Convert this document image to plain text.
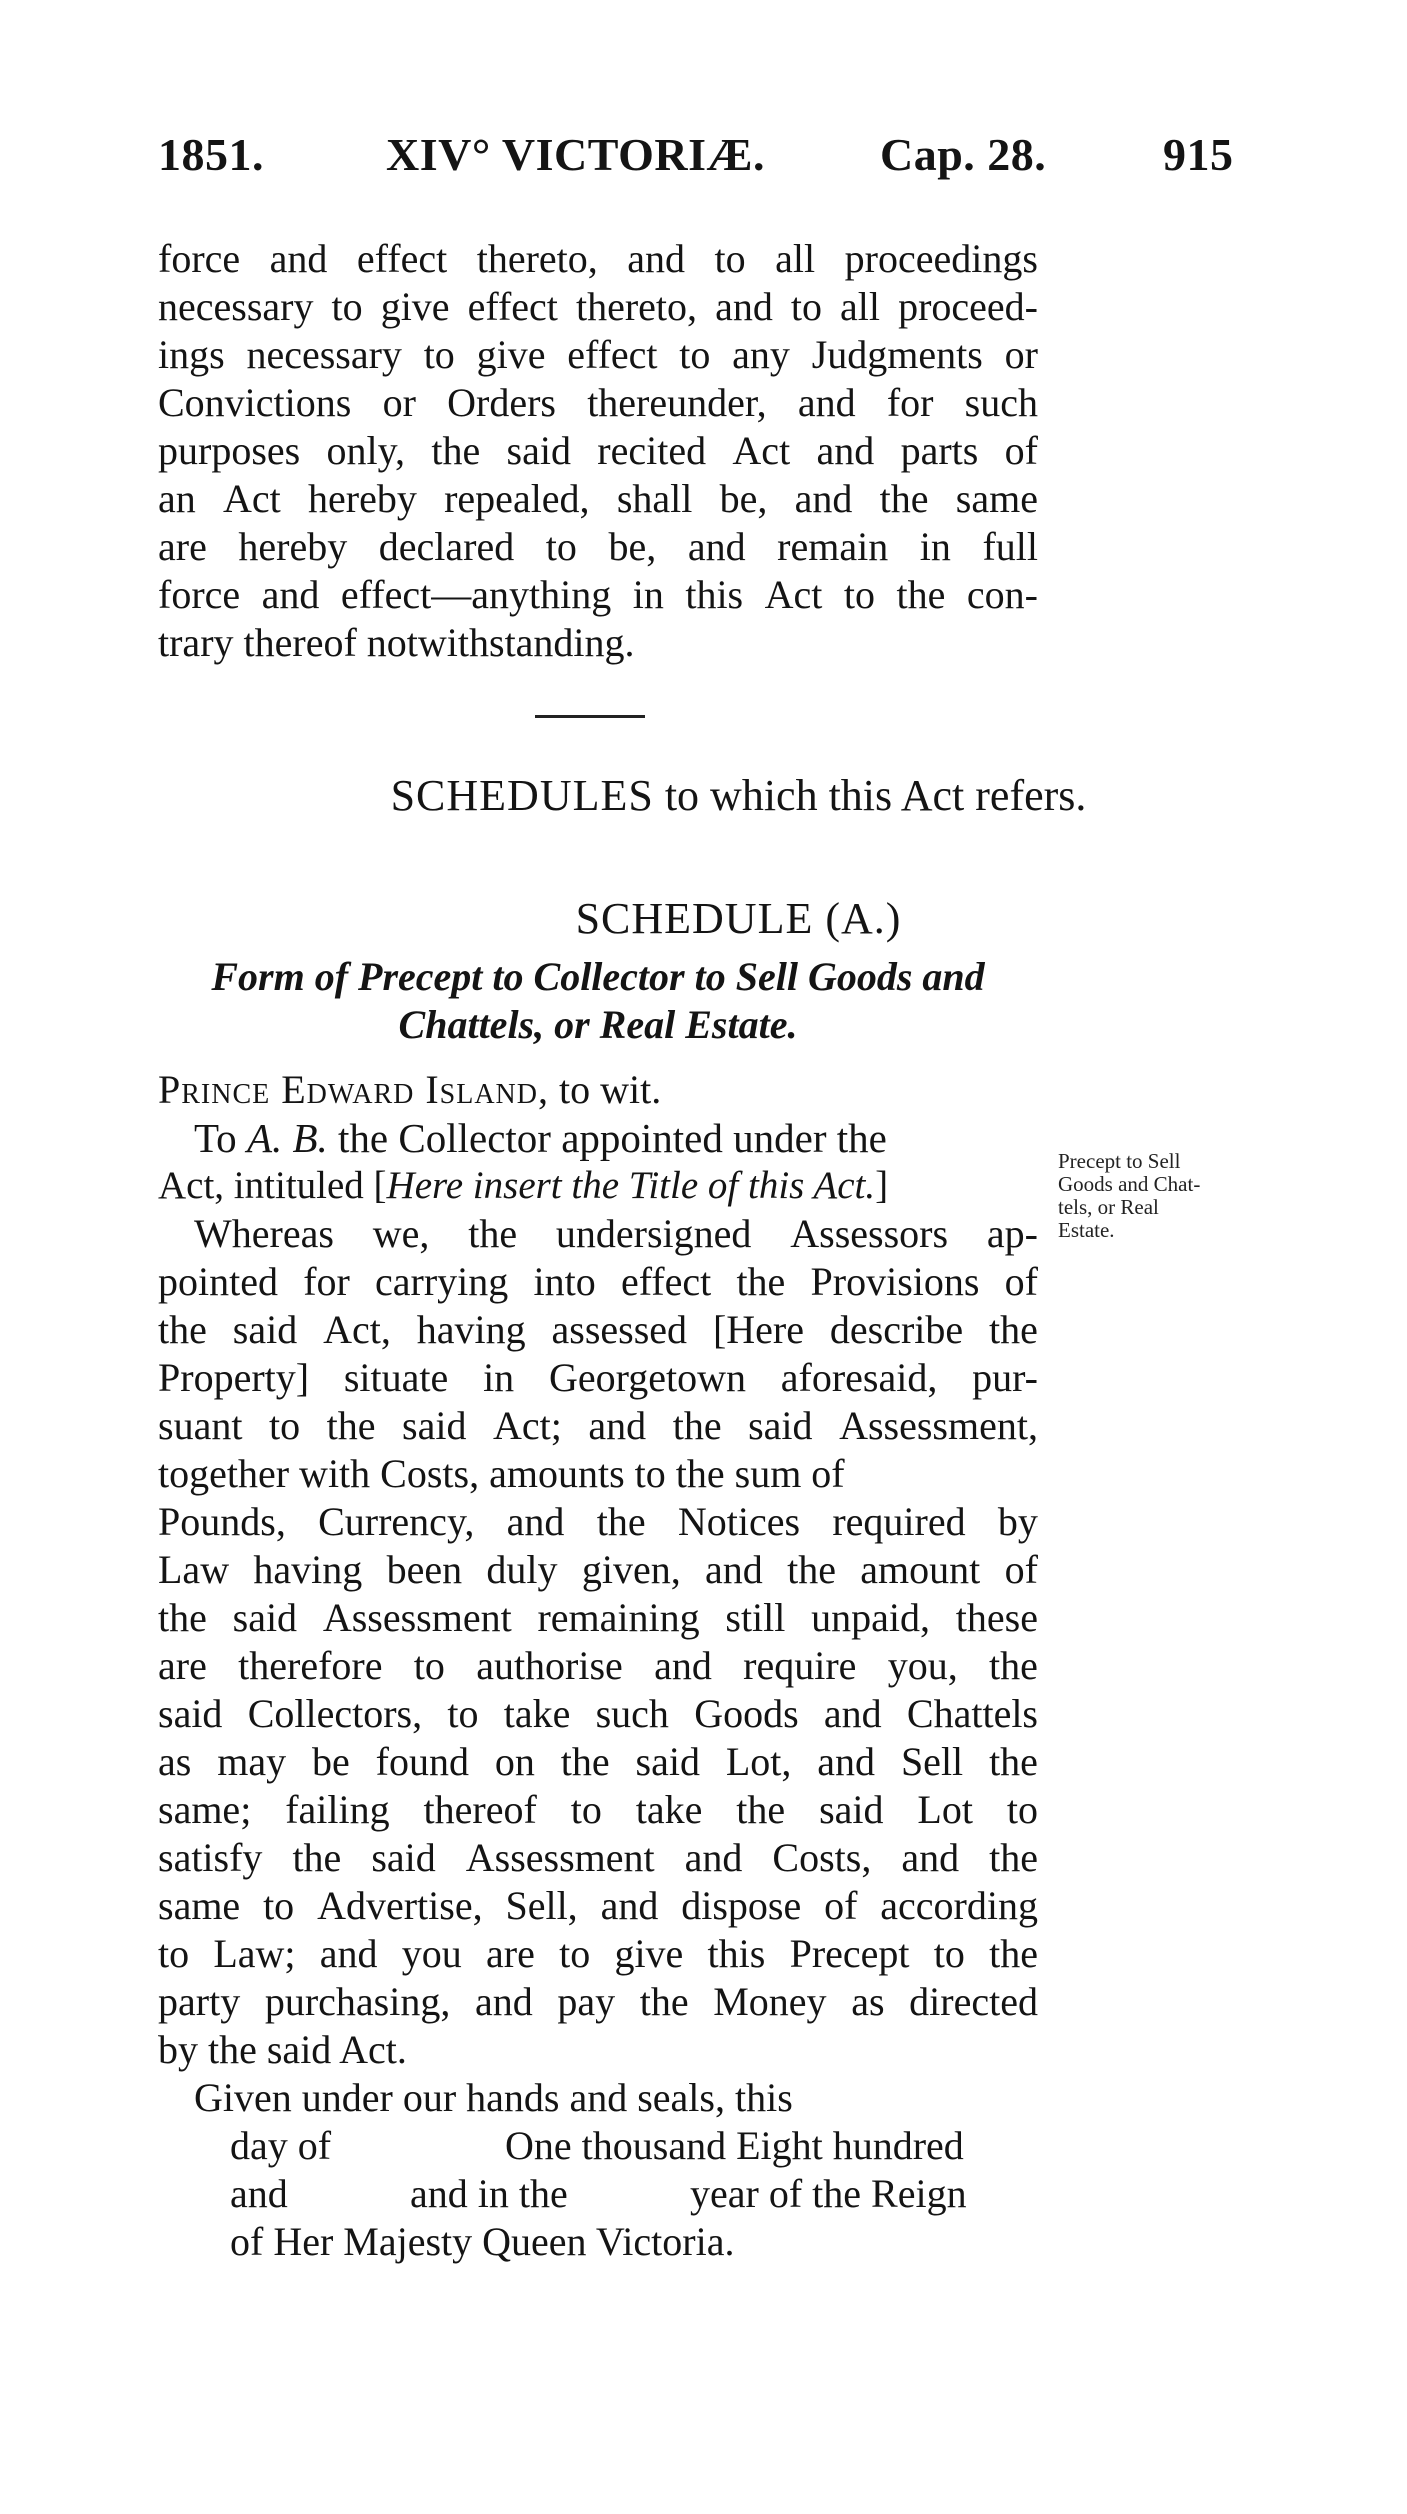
1851.	XIV° VICTORIÆ.	Cap. 28.	915
force and effect thereto, and to all proceedings
necessary to give effect thereto, and to all proceed-
ings necessary to give effect to any Judgments or
Convictions or Orders thereunder, and for such
purposes only, the said recited Act and parts of
an Act hereby repealed, shall be, and the same
are hereby declared to be, and remain in full
force and effect—anything in this Act to the con-
trary thereof notwithstanding.
SCHEDULES to which this Act refers.
SCHEDULE (A.)
Form of Precept to Collector to Sell Goods and
Chattels, or Real Estate.
Prince Edward Island, to wit.
To A. B. the Collector appointed under the
Act, intituled [ Here insert the Title of this Act. ]
Whereas we, the undersigned Assessors ap-
pointed for carrying into effect the Provisions of
the said Act, having assessed [Here describe the
Property] situate in Georgetown aforesaid, pur-
suant to the said Act; and the said Assessment,
together with Costs, amounts to the sum of
Pounds, Currency, and the Notices required by
Law having been duly given, and the amount of
the said Assessment remaining still unpaid, these
are therefore to authorise and require you, the
said Collectors, to take such Goods and Chattels
as may be found on the said Lot, and Sell the
same; failing thereof to take the said Lot to
satisfy the said Assessment and Costs, and the
same to Advertise, Sell, and dispose of according
to Law; and you are to give this Precept to the
party purchasing, and pay the Money as directed
by the said Act.
Given under our hands and seals, this
day of	One thousand Eight hundred
and	and in the	year of the Reign
of Her Majesty Queen Victoria.
Precept to Sell
Goods and Chat-
tels, or Real
Estate.
